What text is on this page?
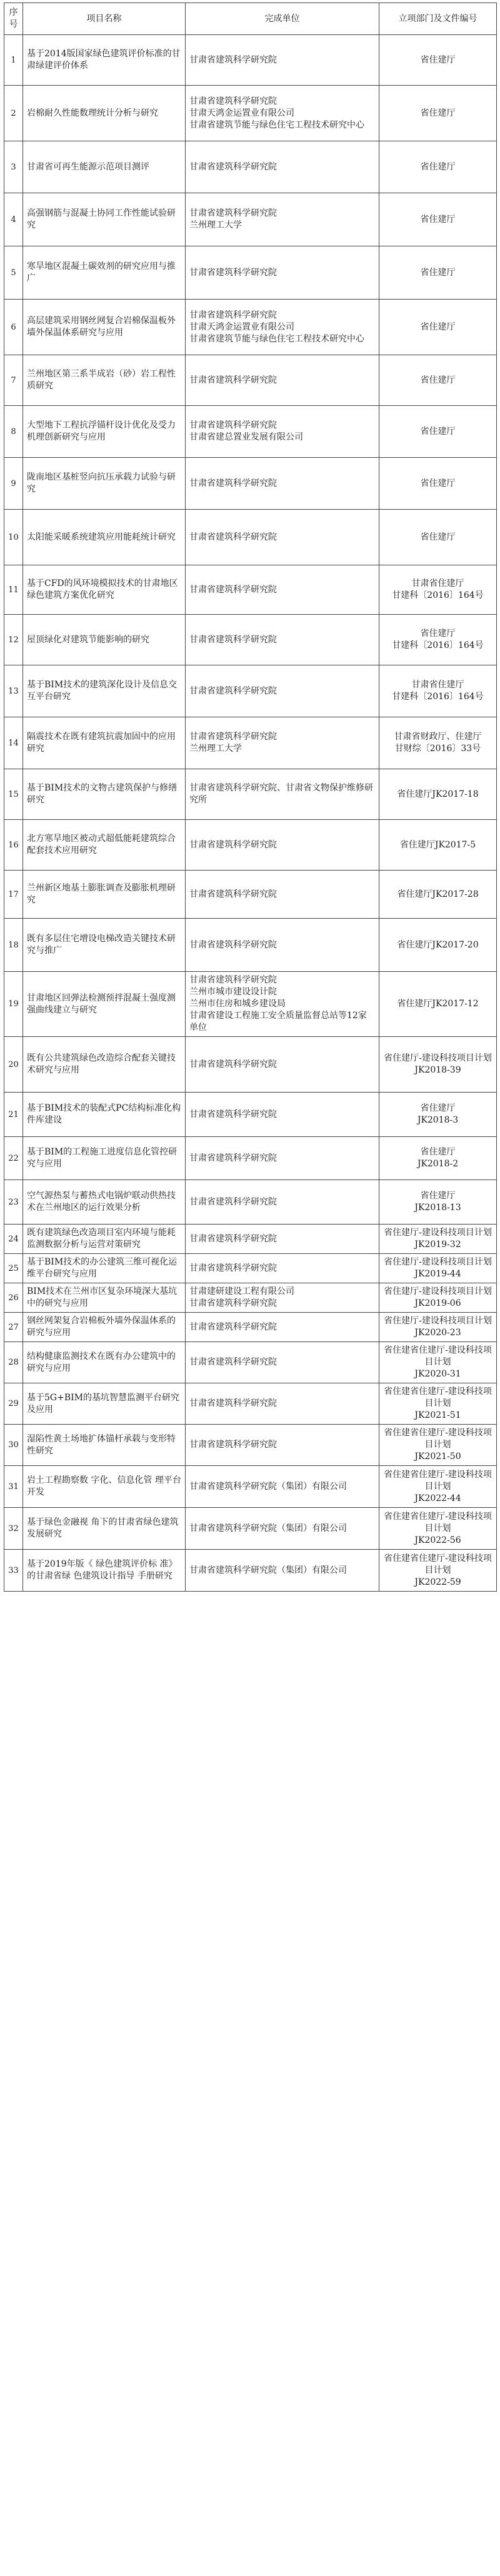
序号	项目名称	完成单位	立项部门及文件编号
1	基于2014版国家绿色建筑评价标准的甘肃绿建评价体系	甘肃省建筑科学研究院	省住建厅

2	岩棉耐久性能数理统计分析与研究	甘肃省建筑科学研究院
甘肃天鸿金运置业有限公司
甘肃省建筑节能与绿色住宅工程技术研究中心	省住建厅

3	甘肃省可再生能源示范项目测评	甘肃省建筑科学研究院	省住建厅

4	高强钢筋与混凝土协同工作性能试验研究	甘肃省建筑科学研究院
兰州理工大学	省住建厅

5	寒旱地区混凝土碳效剂的研究应用与推广	甘肃省建筑科学研究院	省住建厅

6	高层建筑采用钢丝网复合岩棉保温板外墙外保温体系研究与应用	甘肃省建筑科学研究院
甘肃天鸿金运置业有限公司
甘肃省建筑节能与绿色住宅工程技术研究中心	省住建厅

7	兰州地区第三系半成岩（砂）岩工程性质研究	甘肃省建筑科学研究院	省住建厅

8	大型地下工程抗浮锚杆设计优化及受力机理创新研究与应用	甘肃省建筑科学研究院
甘肃省建总置业发展有限公司	省住建厅

9	陇南地区基桩竖向抗压承载力试验与研究	甘肃省建筑科学研究院	省住建厅

10	太阳能采暖系统建筑应用能耗统计研究	甘肃省建筑科学研究院	省住建厅

11	基于CFD的风环境模拟技术的甘肃地区绿色建筑方案优化研究	甘肃省建筑科学研究院	甘肃省住建厅
甘建科〔2016〕164号

12	屋顶绿化对建筑节能影响的研究	甘肃省建筑科学研究院	省住建厅
甘建科〔2016〕164号

13	基于BIM技术的建筑深化设计及信息交互平台研究	甘肃省建筑科学研究院	甘肃省住建厅
甘建科〔2016〕164号

14	隔震技术在既有建筑抗震加固中的应用研究	甘肃省建筑科学研究院
兰州理工大学	甘肃省财政厅、住建厅
甘财综〔2016〕33号

15	基于BIM技术的文物古建筑保护与修缮研究	甘肃省建筑科学研究院、甘肃省文物保护维修研究所	省住建厅JK2017-18

16	北方寒旱地区被动式超低能耗建筑综合配套技术应用研究	甘肃省建筑科学研究院	省住建厅JK2017-5

17	兰州新区地基土膨胀调查及膨胀机理研究	甘肃省建筑科学研究院	省住建厅JK2017-28

18	既有多层住宅增设电梯改造关键技术研究与推广	甘肃省建筑科学研究院	省住建厅JK2017-20

19	甘肃地区回弹法检测预拌混凝土强度测强曲线建立与研究	甘肃省建筑科学研究院
兰州市城市建设设计院
兰州市住房和城乡建设局
甘肃省建设工程施工安全质量监督总站等12家单位	省住建厅JK2017-12

20	既有公共建筑绿色改造综合配套关键技术研究与应用	甘肃省建筑科学研究院	省住建厅-建设科技项目计划
JK2018-39

21	基于BIM技术的装配式PC结构标准化构件库建设	甘肃省建筑科学研究院	省住建厅
JK2018-3

22	基于BIM的工程施工进度信息化管控研究与应用	甘肃省建筑科学研究院	省住建厅
JK2018-2

23	空气源热泵与蓄热式电锅炉联动供热技术在兰州地区的运行效果分析	甘肃省建筑科学研究院	省住建厅
JK2018-13

24	既有建筑绿色改造项目室内环境与能耗监测数据分析与运营对策研究	甘肃省建筑科学研究院	省住建厅-建设科技项目计划
JK2019-32

25	基于BIM技术的办公建筑三维可视化运维平台研究与应用	甘肃省建筑科学研究院	省住建厅-建设科技项目计划
JK2019-44

26	BIM技术在兰州市区复杂环境深大基坑中的研究与应用	甘肃建研建设工程有限公司
甘肃省建筑科学研究院	省住建厅-建设科技项目计划
JK2019-06

27	钢丝网架复合岩棉板外墙外保温体系的研究与应用	甘肃省建筑科学研究院	省住建厅-建设科技项目计划
JK2020-23

28	结构健康监测技术在既有办公建筑中的研究与应用	甘肃省建筑科学研究院	省住建省住建厅-建设科技项目计划
JK2020-31

29	基于5G+BIM的基坑智慧监测平台研究及应用	甘肃省建筑科学研究院	省住建省住建厅-建设科技项目计划
JK2021-51

30	湿陷性黄土场地扩体锚杆承载与变形特性研究	甘肃省建筑科学研究院	省住建省住建厅-建设科技项目计划
JK2021-50

31	岩土工程勘察数 字化、信息化管 理平台开发	甘肃省建筑科学研究院（集团）有限公司	省住建省住建厅-建设科技项目计划
JK2022-44

32	基于绿色金融视 角下的甘肃省绿色建筑发展研究	甘肃省建筑科学研究院（集团）有限公司	省住建省住建厅-建设科技项目计划
JK2022-56

33	基于2019年版《 绿色建筑评价标 准》的甘肃省绿 色建筑设计指导 手册研究	甘肃省建筑科学研究院（集团）有限公司	省住建省住建厅-建设科技项目计划
JK2022-59
